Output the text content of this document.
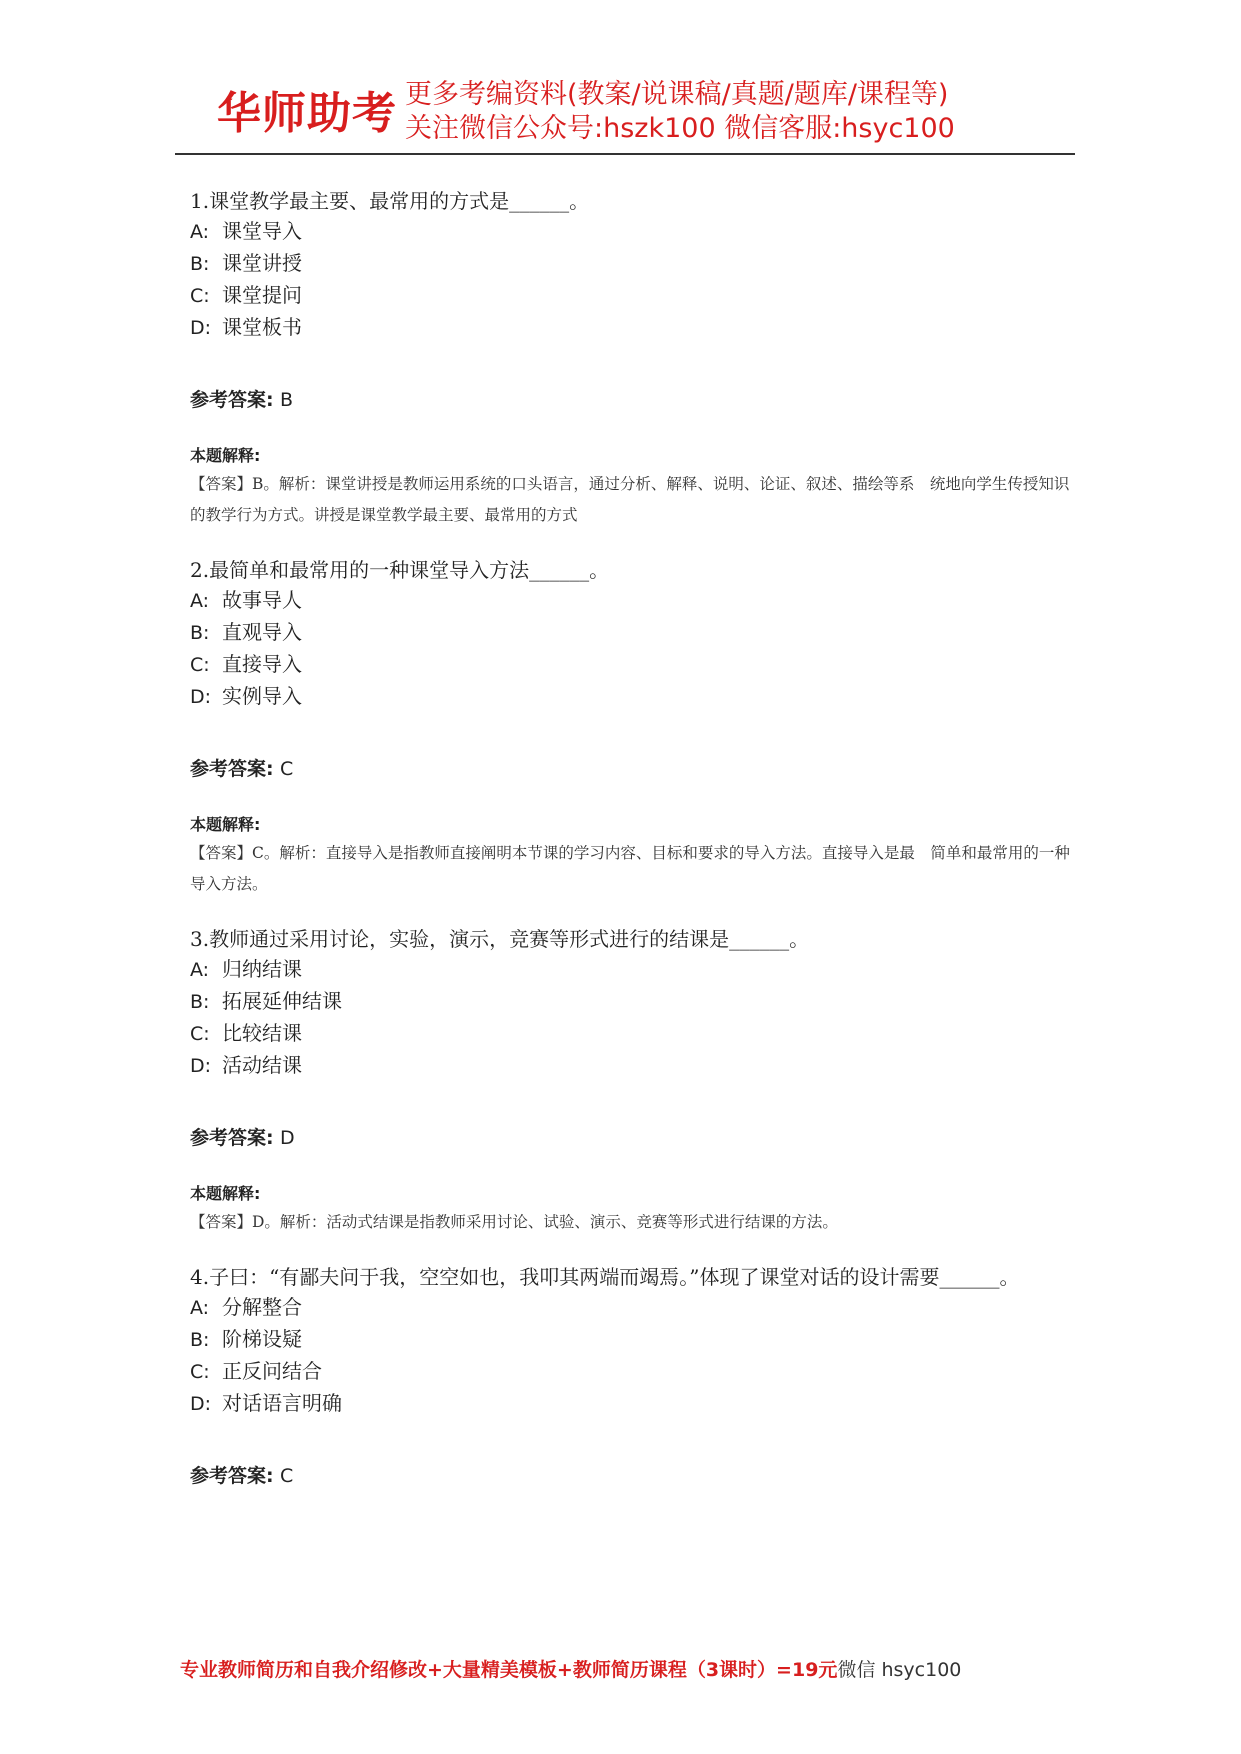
华师助考 更多考编资料(教案/说课稿/真题/题库/课程等)
关注微信公众号:hszk100 微信客服:hsyc100
1.课堂教学最主要、最常用的方式是______。
A: 课堂导入
B: 课堂讲授
C: 课堂提问
D: 课堂板书
参考答案: B
本题解释:
【答案】B。解析：课堂讲授是教师运用系统的口头语言，通过分析、解释、说明、论证、叙述、描绘等系　统地向学生传授知识的教学行为方式。讲授是课堂教学最主要、最常用的方式
2.最简单和最常用的一种课堂导入方法______。
A: 故事导人
B: 直观导入
C: 直接导入
D: 实例导入
参考答案: C
本题解释:
【答案】C。解析：直接导入是指教师直接阐明本节课的学习内容、目标和要求的导入方法。直接导入是最　简单和最常用的一种导入方法。
3.教师通过采用讨论，实验，演示，竞赛等形式进行的结课是______。
A: 归纳结课
B: 拓展延伸结课
C: 比较结课
D: 活动结课
参考答案: D
本题解释:
【答案】D。解析：活动式结课是指教师采用讨论、试验、演示、竞赛等形式进行结课的方法。
4.子曰：“有鄙夫问于我，空空如也，我叩其两端而竭焉。”体现了课堂对话的设计需要______。
A: 分解整合
B: 阶梯设疑
C: 正反问结合
D: 对话语言明确
参考答案: C
专业教师简历和自我介绍修改+大量精美模板+教师简历课程（3课时）=19元微信 hsyc100
